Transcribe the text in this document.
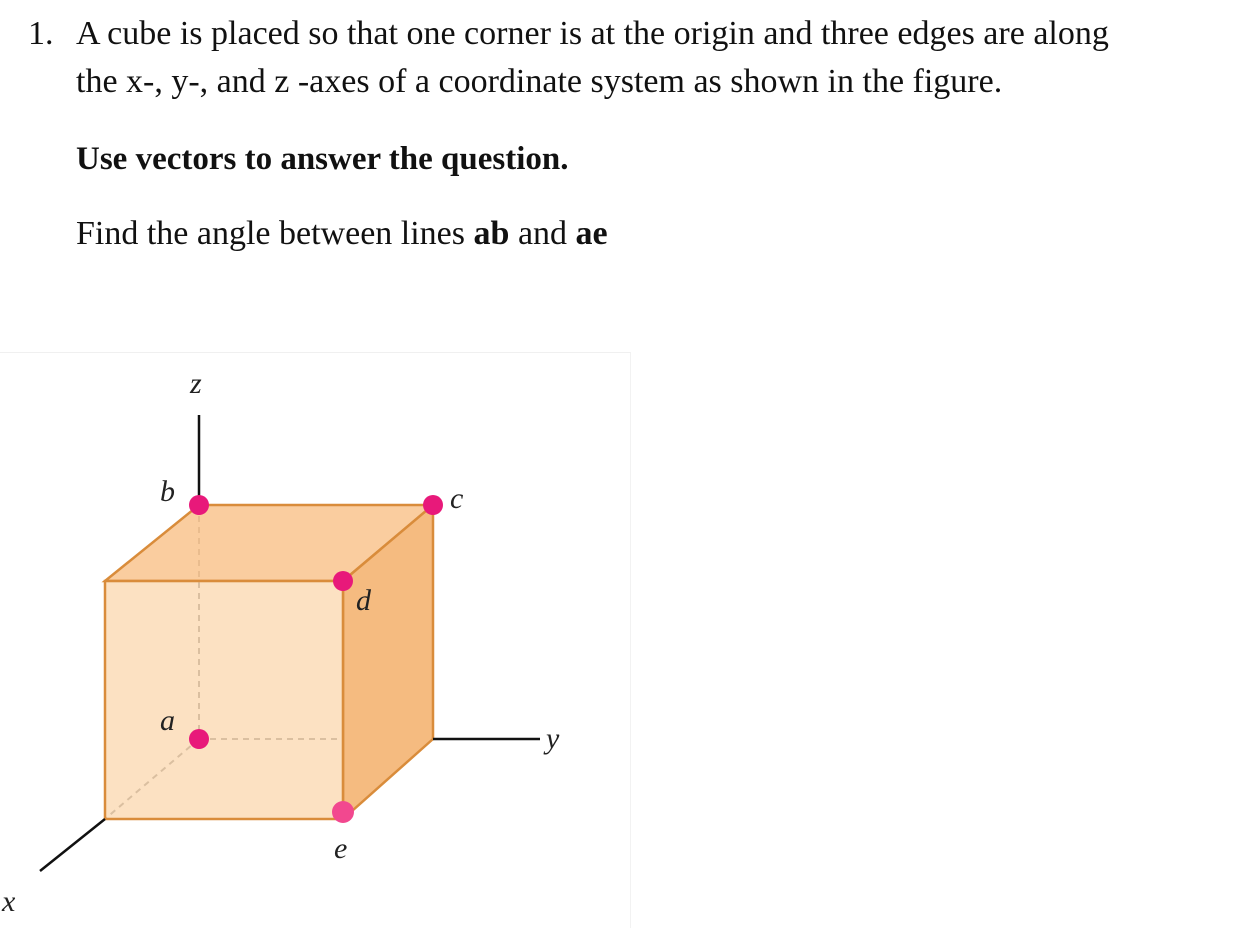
1. A cube is placed so that one corner is at the origin and three edges are along
the x-, y-, and z -axes of a coordinate system as shown in the figure.
Use vectors to answer the question.
Find the angle between lines ab and ae
z
b	c
d
a
y
e
x
